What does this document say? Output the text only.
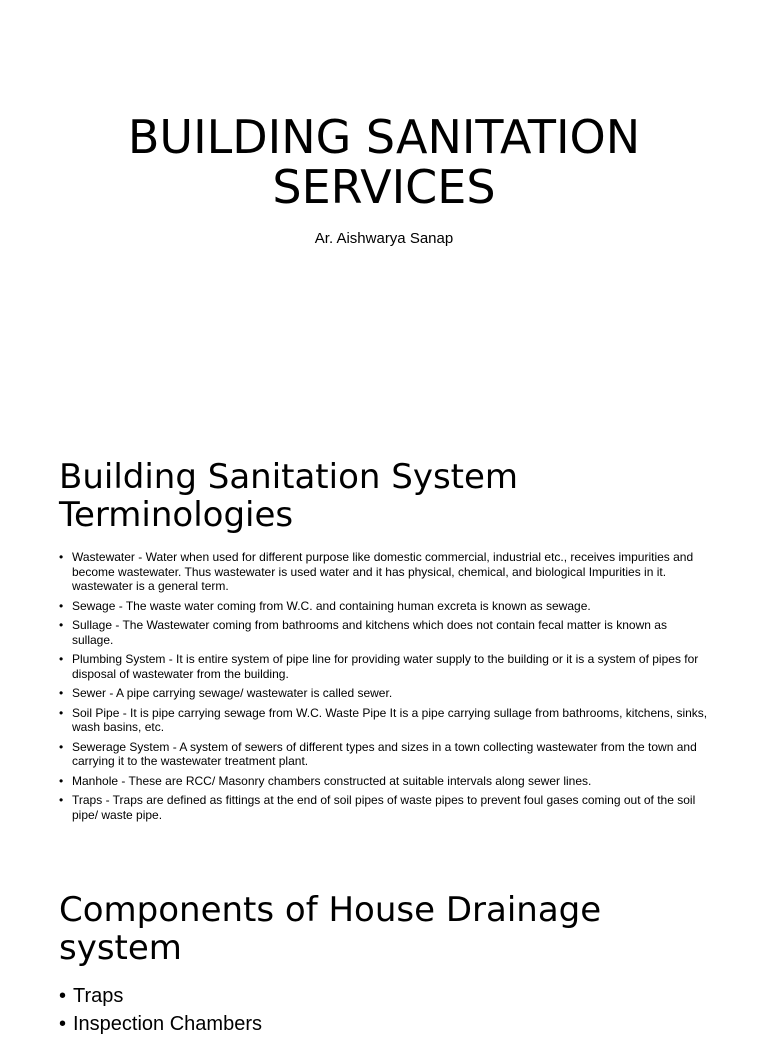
BUILDING SANITATION
SERVICES
Ar. Aishwarya Sanap
Building Sanitation System
Terminologies
• Wastewater - Water when used for different purpose like domestic commercial, industrial etc., receives impurities and become wastewater. Thus wastewater is used water and it has physical, chemical, and biological Impurities in it. wastewater is a general term.
• Sewage - The waste water coming from W.C. and containing human excreta is known as sewage.
• Sullage - The Wastewater coming from bathrooms and kitchens which does not contain fecal matter is known as sullage.
• Plumbing System - It is entire system of pipe line for providing water supply to the building or it is a system of pipes for disposal of wastewater from the building.
• Sewer - A pipe carrying sewage/ wastewater is called sewer.
• Soil Pipe - It is pipe carrying sewage from W.C. Waste Pipe It is a pipe carrying sullage from bathrooms, kitchens, sinks, wash basins, etc.
• Sewerage System - A system of sewers of different types and sizes in a town collecting wastewater from the town and carrying it to the wastewater treatment plant.
• Manhole - These are RCC/ Masonry chambers constructed at suitable intervals along sewer lines.
• Traps - Traps are defined as fittings at the end of soil pipes of waste pipes to prevent foul gases coming out of the soil pipe/ waste pipe.
Components of House Drainage
system
• Traps
• Inspection Chambers
